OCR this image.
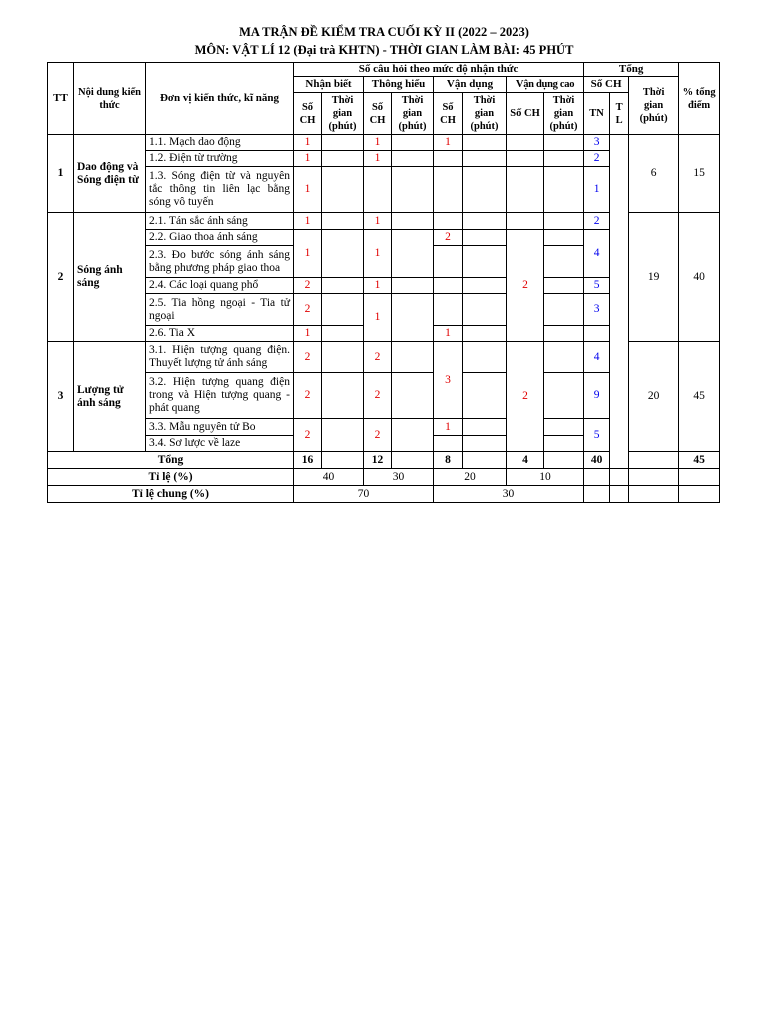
MA TRẬN ĐỀ KIỂM TRA CUỐI KỲ II (2022 – 2023)
MÔN: VẬT LÍ 12 (Đại trà KHTN) - THỜI GIAN LÀM BÀI: 45 PHÚT
TT	Nội dung kiến thức	Đơn vị kiến thức, kĩ năng	Số câu hỏi theo mức độ nhận thức								Tổng			% tổng điểm	
			Nhận biết		Thông hiểu		Vận dụng		Vận dụng cao		Số CH		Thời gian (phút)		
			Số CH	Thời gian (phút)	Số CH	Thời gian (phút)	Số CH	Thời gian (phút)	Số CH	Thời gian (phút)	TN	T L			
1	Dao động và Sóng điện từ	1.1. Mạch dao động	1		1		1				3		6	15	
		1.2. Điện từ trường	1		1						2				
		1.3. Sóng điện từ và nguyên tắc thông tin liên lạc bằng sóng vô tuyến	1								1				
2	Sóng ánh sáng	2.1. Tán sắc ánh sáng	1		1						2		19	40	
		2.2. Giao thoa ánh sáng	1		1		2		2		4				
		2.3. Đo bước sóng ánh sáng bằng phương pháp giao thoa													
		2.4. Các loại quang phổ	2		1						5				
		2.5. Tia hồng ngoại - Tia tử ngoại	2		1						3				
		2.6. Tia X	1				1				
3	Lượng tử ánh sáng	3.1. Hiện tượng quang điện. Thuyết lượng tử ánh sáng	2		2		3		2		4		20	45	
		3.2. Hiện tượng quang điện trong và Hiện tượng quang - phát quang	2		2						9				
		3.3. Mẫu nguyên tử Bo	2		2		1				5				
		3.4. Sơ lược về laze													
Tổng			16		12		8		4		40			45	
Tỉ lệ (%)			40		30		20		10						
Tỉ lệ chung (%)			70				30								
